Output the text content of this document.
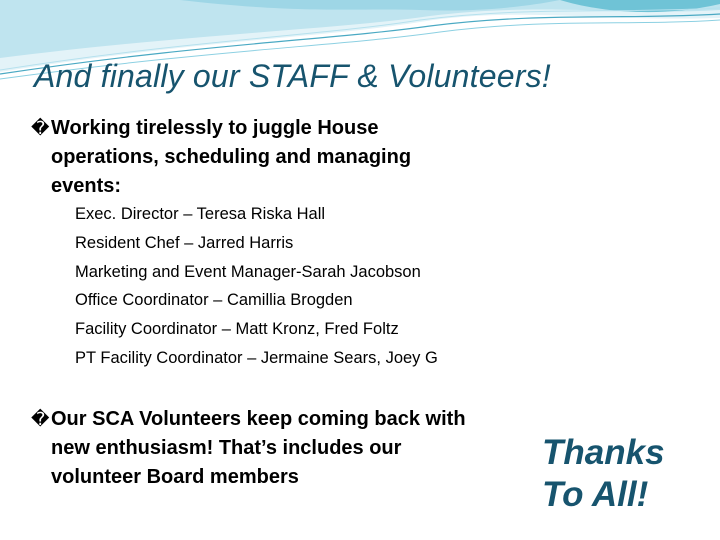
And finally our STAFF & Volunteers!
� Working tirelessly to juggle House
operations, scheduling and managing
events:
Exec. Director – Teresa Riska Hall
Resident Chef – Jarred Harris
Marketing and Event Manager-Sarah Jacobson
Office Coordinator – Camillia Brogden
Facility Coordinator – Matt Kronz, Fred Foltz
PT Facility Coordinator – Jermaine Sears, Joey G
� Our SCA Volunteers keep coming back with
new enthusiasm! That’s includes our
volunteer Board members
Thanks
To All!
